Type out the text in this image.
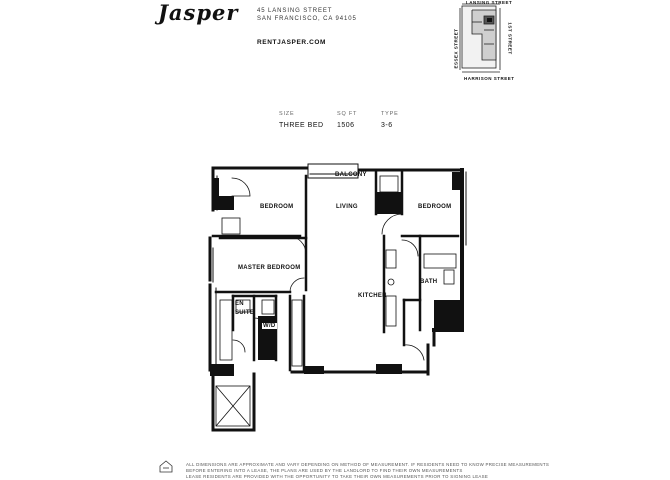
Jasper	45 LANSING STREET
SAN FRANCISCO, CA 94105
RENTJASPER.COM
SIZE	SQ FT	TYPE
THREE BED 1506	3-6
LANSING STREET
ESSEX STREET	1ST STREET
HARRISON STREET
BALCONY
BEDROOM	LIVING	BEDROOM
MASTER BEDROOM
EN
SUITE
W/D
KITCHEN
BATH
ALL DIMENSIONS ARE APPROXIMATE AND VARY DEPENDING ON METHOD OF MEASUREMENT. IF RESIDENTS NEED TO KNOW PRECISE MEASUREMENTS
BEFORE ENTERING INTO A LEASE, THE PLANS ARE USED BY THE LANDLORD TO FIND THEIR OWN MEASUREMENTS
LEASE RESIDENTS ARE PROVIDED WITH THE OPPORTUNITY TO TAKE THEIR OWN MEASUREMENTS PRIOR TO SIGNING LEASE
